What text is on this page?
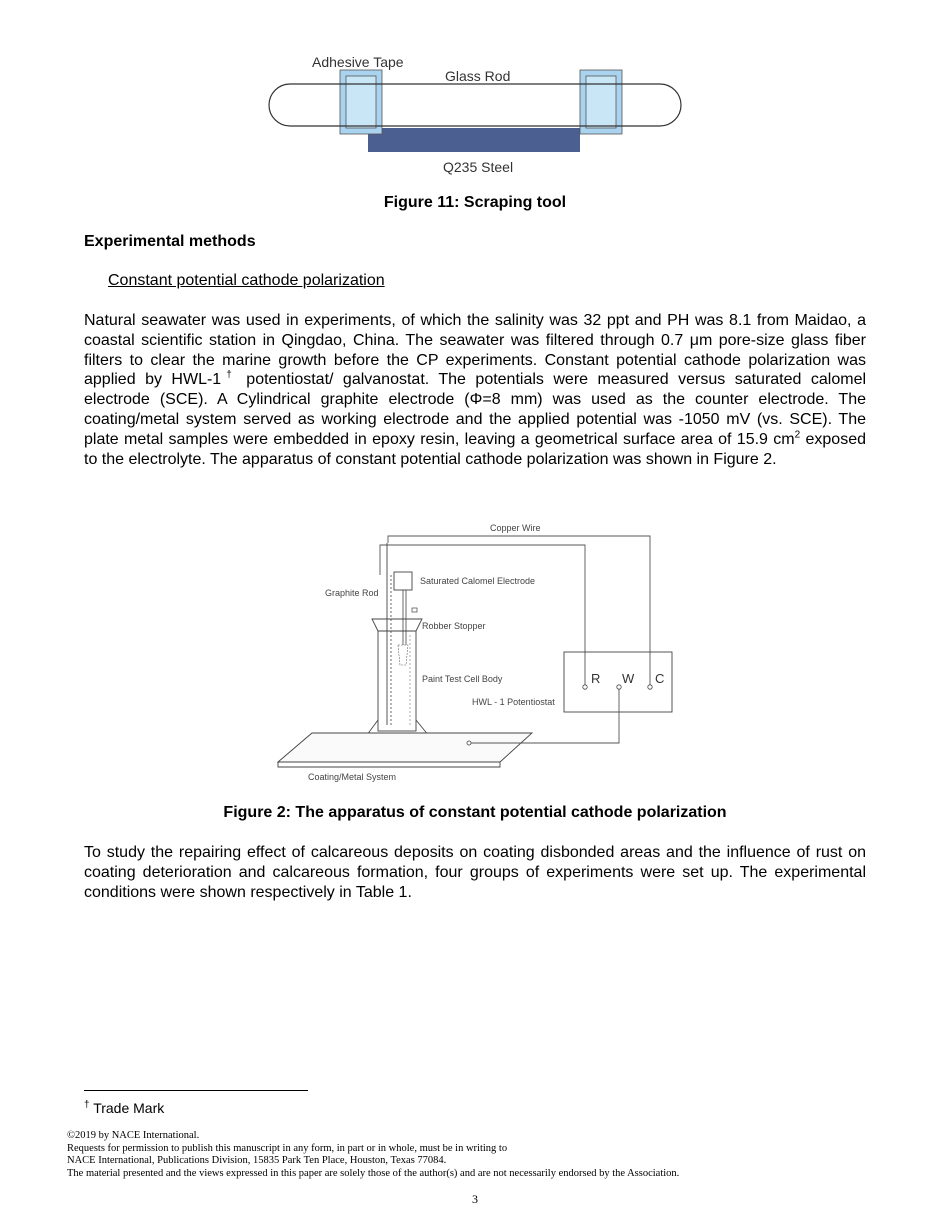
Adhesive Tape
Glass Rod
Q235 Steel
Figure 11: Scraping tool
Experimental methods
Constant potential cathode polarization
Natural seawater was used in experiments, of which the salinity was 32 ppt and PH was 8.1 from Maidao, a coastal scientific station in Qingdao, China. The seawater was filtered through 0.7 μm pore-size glass fiber filters to clear the marine growth before the CP experiments. Constant potential cathode polarization was applied by HWL-1† potentiostat/ galvanostat. The potentials were measured versus saturated calomel electrode (SCE). A Cylindrical graphite electrode (Φ=8 mm) was used as the counter electrode. The coating/metal system served as working electrode and the applied potential was -1050 mV (vs. SCE). The plate metal samples were embedded in epoxy resin, leaving a geometrical surface area of 15.9 $cm^2$ exposed to the electrolyte. The apparatus of constant potential cathode polarization was shown in Figure 2.
Copper Wire
Saturated Calomel Electrode
Graphite Rod
Robber Stopper
Paint Test Cell Body
Coating/Metal System
HWL - 1 Potentiostat
R W C
Figure 2: The apparatus of constant potential cathode polarization
To study the repairing effect of calcareous deposits on coating disbonded areas and the influence of rust on coating deterioration and calcareous formation, four groups of experiments were set up. The experimental conditions were shown respectively in Table 1.
† Trade Mark
©2019 by NACE International.
Requests for permission to publish this manuscript in any form, in part or in whole, must be in writing to
NACE International, Publications Division, 15835 Park Ten Place, Houston, Texas 77084.
The material presented and the views expressed in this paper are solely those of the author(s) and are not necessarily endorsed by the Association.
3
